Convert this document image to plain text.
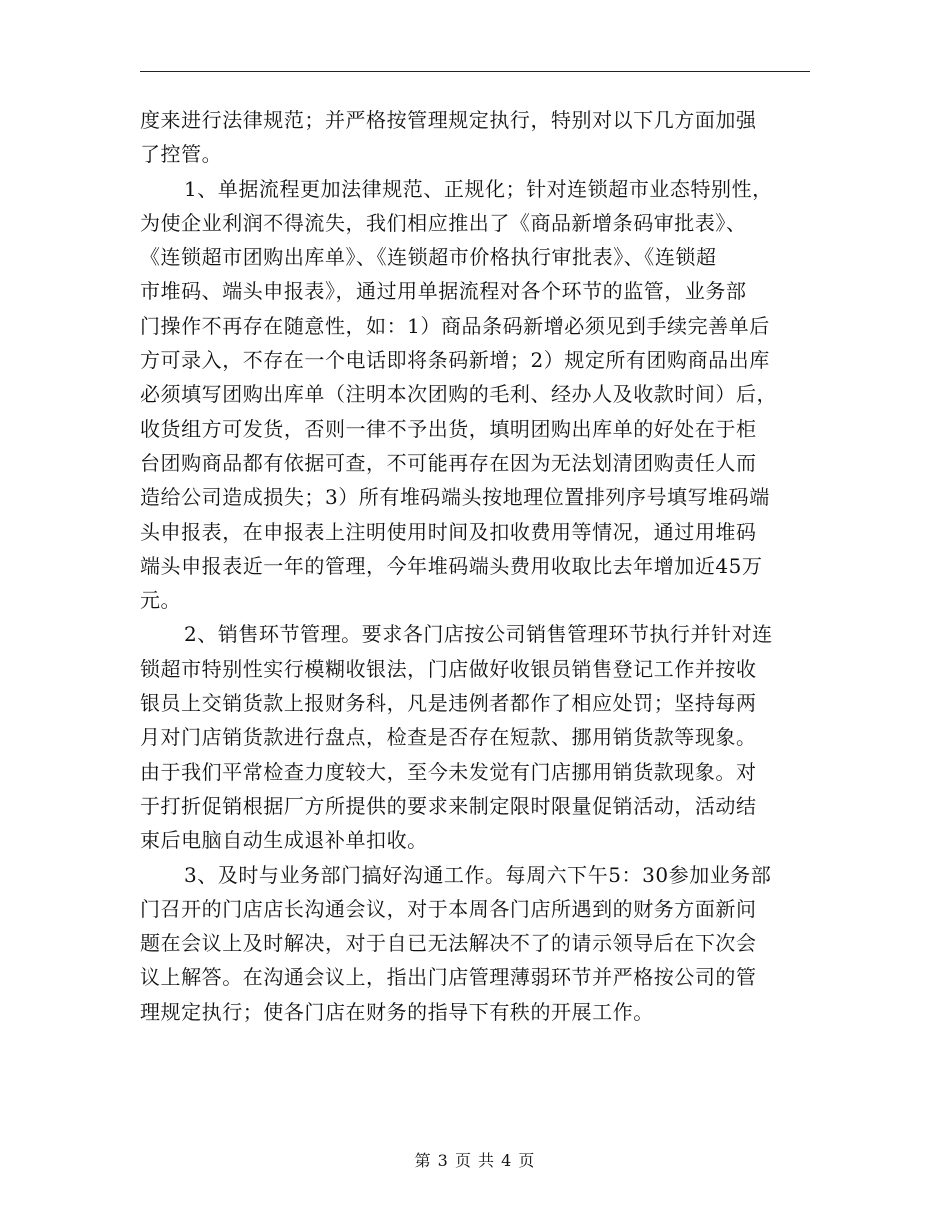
度来进行法律规范；并严格按管理规定执行，特别对以下几方面加强
了控管。
1、单据流程更加法律规范、正规化；针对连锁超市业态特别性，
为使企业利润不得流失，我们相应推出了《商品新增条码审批表》、
《连锁超市团购出库单》、《连锁超市价格执行审批表》、《连锁超
市堆码、端头申报表》，通过用单据流程对各个环节的监管，业务部
门操作不再存在随意性，如：1）商品条码新增必须见到手续完善单后
方可录入，不存在一个电话即将条码新增；2）规定所有团购商品出库
必须填写团购出库单（注明本次团购的毛利、经办人及收款时间）后，
收货组方可发货，否则一律不予出货，填明团购出库单的好处在于柜
台团购商品都有依据可查，不可能再存在因为无法划清团购责任人而
造给公司造成损失；3）所有堆码端头按地理位置排列序号填写堆码端
头申报表，在申报表上注明使用时间及扣收费用等情况，通过用堆码
端头申报表近一年的管理，今年堆码端头费用收取比去年增加近45万
元。
2、销售环节管理。要求各门店按公司销售管理环节执行并针对连
锁超市特别性实行模糊收银法，门店做好收银员销售登记工作并按收
银员上交销货款上报财务科，凡是违例者都作了相应处罚；坚持每两
月对门店销货款进行盘点，检查是否存在短款、挪用销货款等现象。
由于我们平常检查力度较大，至今未发觉有门店挪用销货款现象。对
于打折促销根据厂方所提供的要求来制定限时限量促销活动，活动结
束后电脑自动生成退补单扣收。
3、及时与业务部门搞好沟通工作。每周六下午5：30参加业务部
门召开的门店店长沟通会议，对于本周各门店所遇到的财务方面新问
题在会议上及时解决，对于自已无法解决不了的请示领导后在下次会
议上解答。在沟通会议上，指出门店管理薄弱环节并严格按公司的管
理规定执行；使各门店在财务的指导下有秩的开展工作。
第 3 页 共 4 页
